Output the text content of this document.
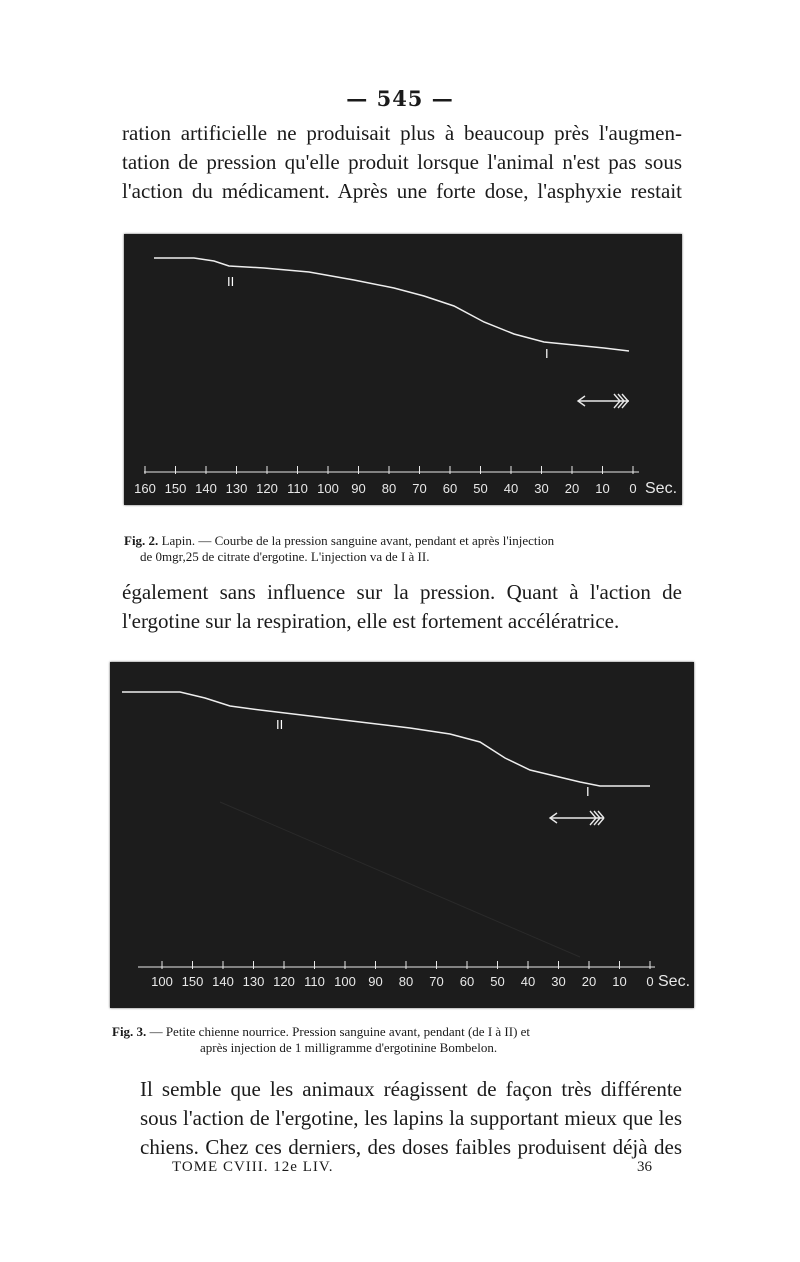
— 545 —
ration artificielle ne produisait plus à beaucoup près l'augmen-
tation de pression qu'elle produit lorsque l'animal n'est pas sous
l'action du médicament. Après une forte dose, l'asphyxie restait
II
I
160 150 140 130 120 110 100 90 80 70 60 50 40 30 20 10 0 Sec.
Fig. 2. Lapin. — Courbe de la pression sanguine avant, pendant et après l'injection
de 0mgr,25 de citrate d'ergotine. L'injection va de I à II.
également sans influence sur la pression. Quant à l'action de
l'ergotine sur la respiration, elle est fortement accélératrice.
II
I
100 150 140 130 120 110 100 90 80 70 60 50 40 30 20 10 0 Sec.
Fig. 3. — Petite chienne nourrice. Pression sanguine avant, pendant (de I à II) et
après injection de 1 milligramme d'ergotinine Bombelon.
Il semble que les animaux réagissent de façon très différente
sous l'action de l'ergotine, les lapins la supportant mieux que les
chiens. Chez ces derniers, des doses faibles produisent déjà des
TOME CVIII. 12e LIV.	36
